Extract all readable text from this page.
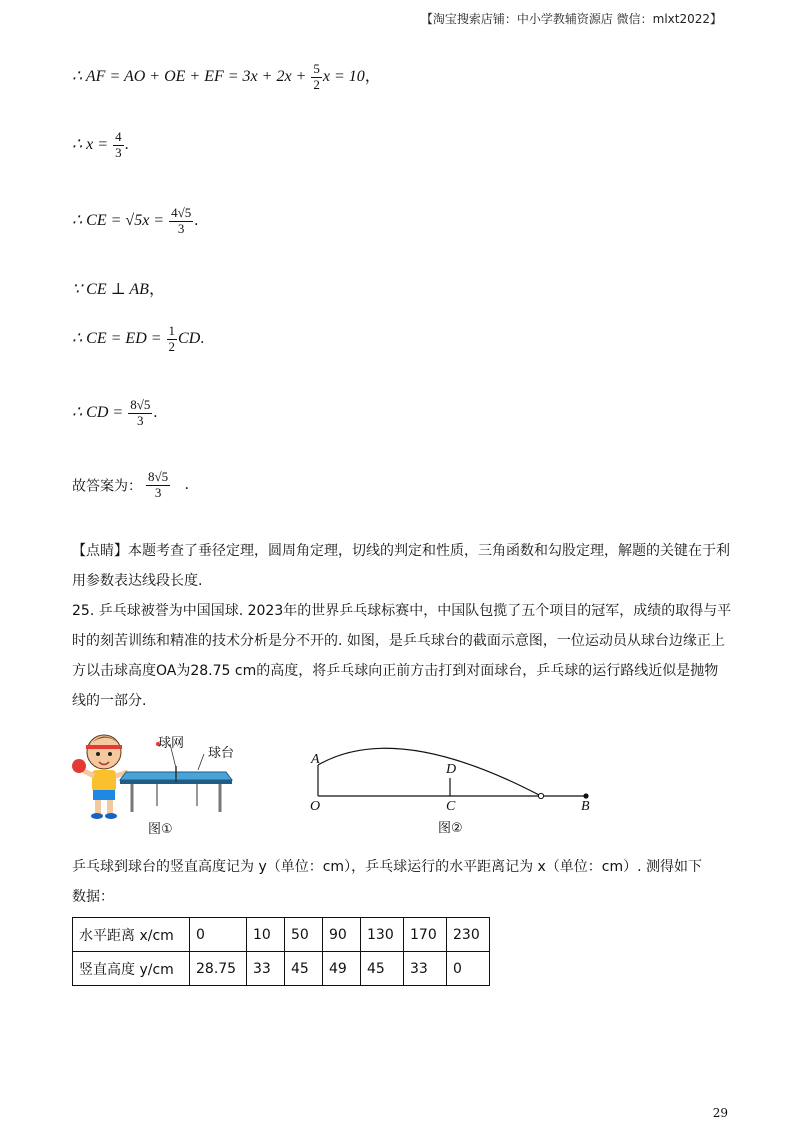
【淘宝搜索店铺：中小学教辅资源店 微信：mlxt2022】
∴ AF = AO + OE + EF = $3x + 2x + \frac{5}{2}$ x = 10，
∴ $x = \frac{4}{3}$ .
∴ CE = $√5x = \frac{4√5}{3}$ .
∵ CE ⊥ AB，
∴ CE = ED = $\frac{1}{2}$ CD.
∴ CD = $\frac{8√5}{3}$ .
故答案为： $\frac{8√5}{3}$ .
【点睛】本题考查了垂径定理，圆周角定理，切线的判定和性质，三角函数和勾股定理，解题的关键在于利用参数表达线段长度.
25. 乒乓球被誉为中国国球. 2023年的世界乒乓球标赛中，中国队包揽了五个项目的冠军，成绩的取得与平时的刻苦训练和精准的技术分析是分不开的. 如图，是乒乓球台的截面示意图，一位运动员从球台边缘正上方以击球高度OA为28.75 cm的高度，将乒乓球向正前方击打到对面球台，乒乓球的运行路线近似是抛物线的一部分.
球网
球台
图①
A
O
D
C	B
图②
乒乓球到球台的竖直高度记为 y（单位：cm），乒乓球运行的水平距离记为 x（单位：cm）. 测得如下
数据：
水平距离 x/cm	0	10	50	90	130	170	230
竖直高度 y/cm	28.75	33	45	49	45	33	0
29
